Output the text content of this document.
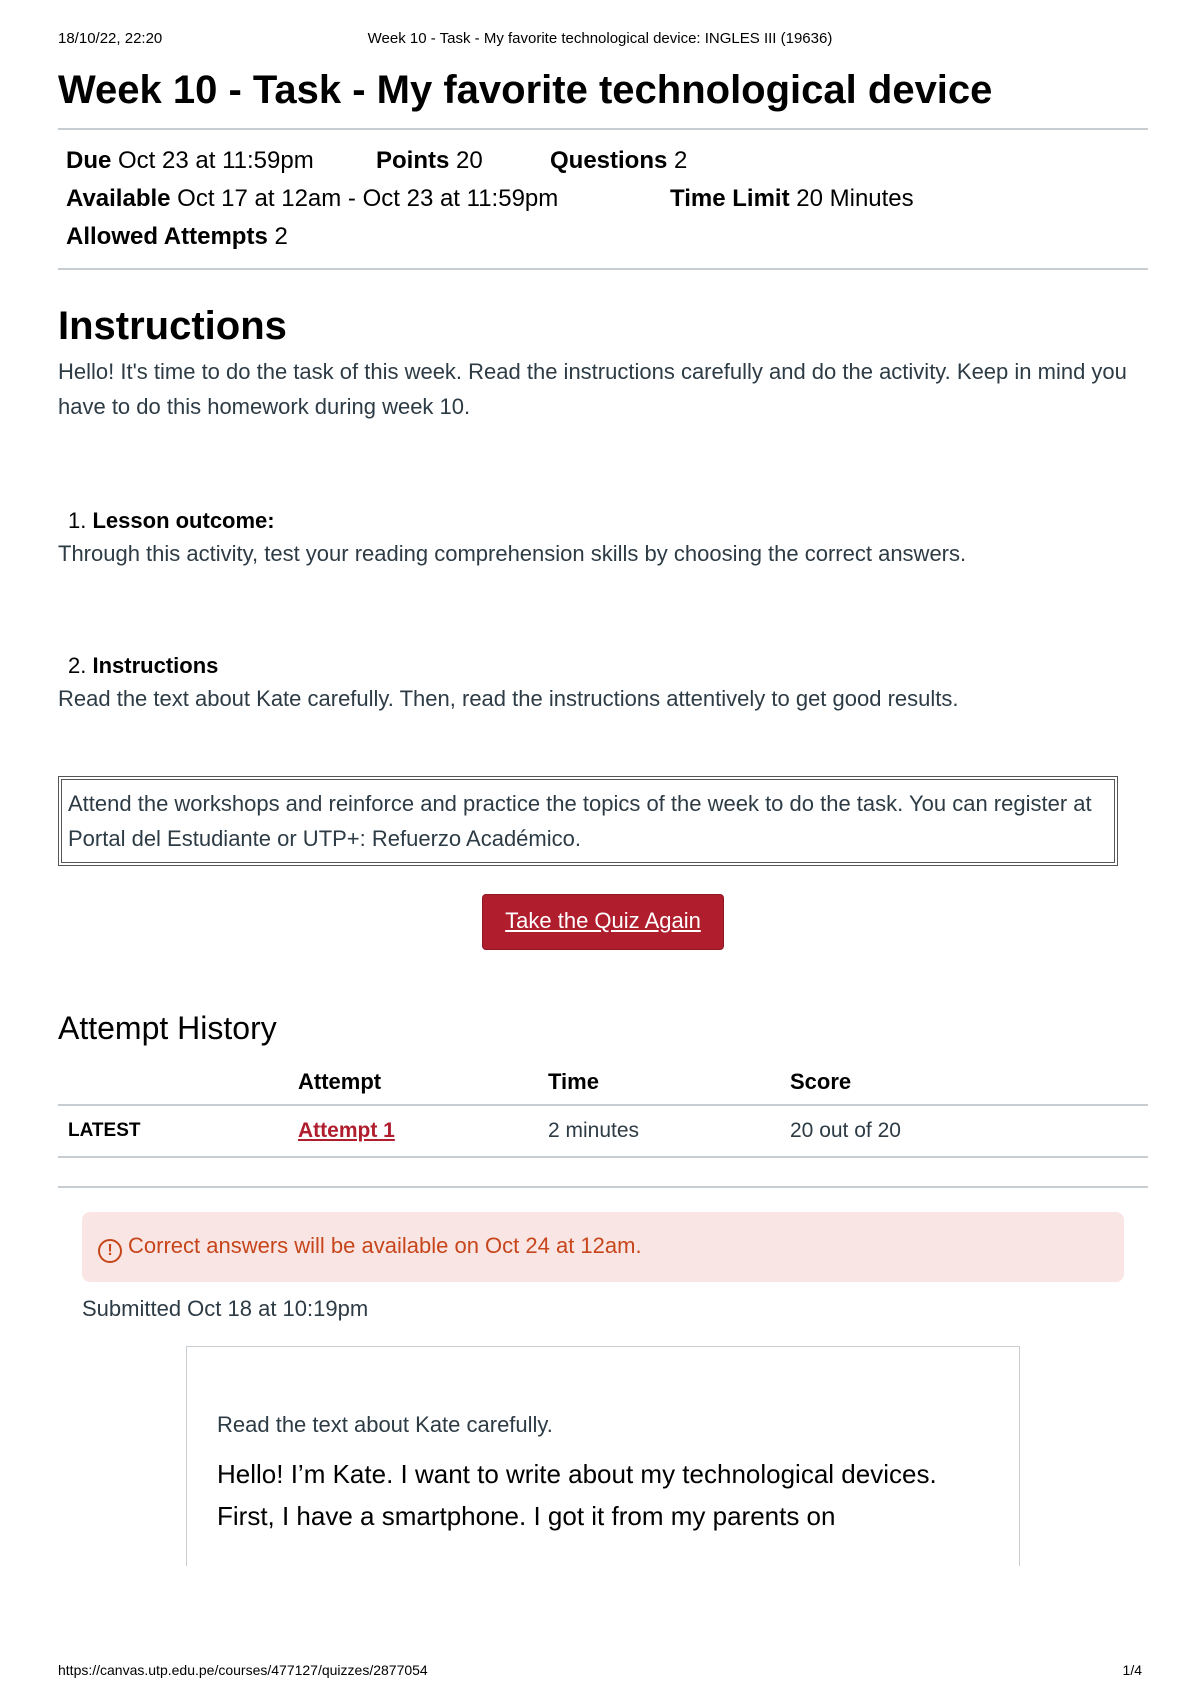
18/10/22, 22:20	Week 10 - Task - My favorite technological device: INGLES III (19636)
Week 10 - Task - My favorite technological device
Due Oct 23 at 11:59pm	Points 20	Questions 2
Available Oct 17 at 12am - Oct 23 at 11:59pm	Time Limit 20 Minutes
Allowed Attempts 2
Instructions

Hello! It's time to do the task of this week. Read the instructions carefully and do the activity. Keep in mind you have to do this homework during week 10.

1. Lesson outcome:

Through this activity, test your reading comprehension skills by choosing the correct answers.

2. Instructions

Read the text about Kate carefully. Then, read the instructions attentively to get good results.

Attend the workshops and reinforce and practice the topics of the week to do the task. You can register at Portal del Estudiante or UTP+: Refuerzo Académico.
Take the Quiz Again
Attempt History
	Attempt	Time	Score
LATEST	Attempt 1	2 minutes	20 out of 20
! Correct answers will be available on Oct 24 at 12am.
Submitted Oct 18 at 10:19pm
Read the text about Kate carefully.
Hello! I’m Kate. I want to write about my technological devices.
First, I have a smartphone. I got it from my parents on
https://canvas.utp.edu.pe/courses/477127/quizzes/2877054	1/4
